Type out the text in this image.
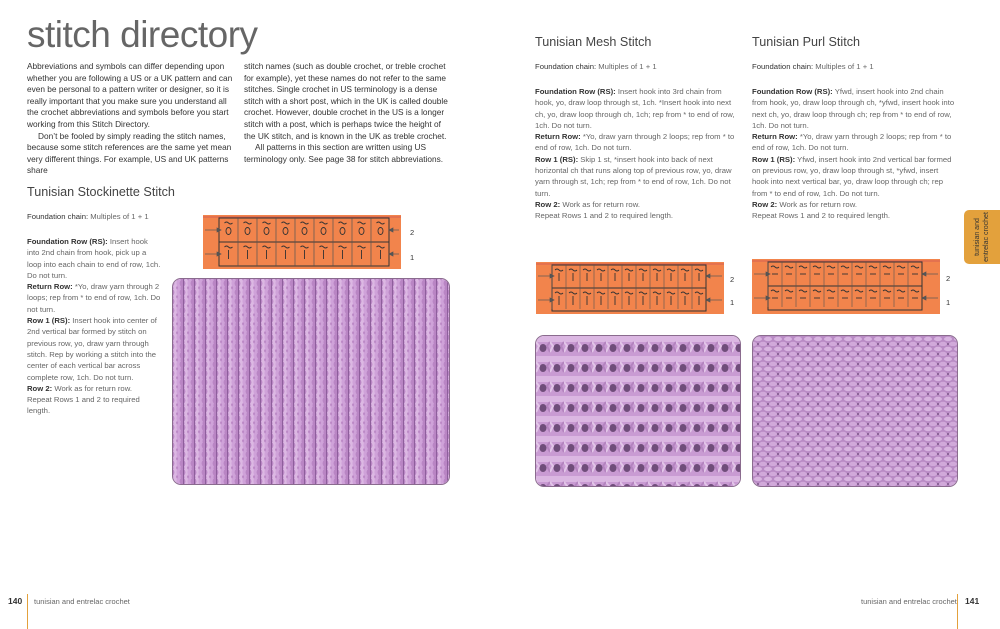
stitch directory

Abbreviations and symbols can differ depending upon whether you are following a US or a UK pattern and can even be personal to a pattern writer or designer, so it is really important that you make sure you understand all the crochet abbreviations and symbols before you start working from this Stitch Directory.

Don’t be fooled by simply reading the stitch names, because some stitch references are the same yet mean very different things. For example, US and UK patterns share

stitch names (such as double crochet, or treble crochet for example), yet these names do not refer to the same stitches. Single crochet in US terminology is a dense stitch with a short post, which in the UK is called double crochet. However, double crochet in the US is a longer stitch with a post, which is perhaps twice the height of the UK stitch, and is known in the UK as treble crochet.

All patterns in this section are written using US terminology only. See page 38 for stitch abbreviations.

Tunisian Stockinette Stitch
Foundation chain: Multiples of 1 + 1

Foundation Row (RS): Insert hook into 2nd chain from hook, pick up a loop into each chain to end of row, 1ch. Do not turn.

Return Row: *Yo, draw yarn through 2 loops; rep from * to end of row, 1ch. Do not turn.

Row 1 (RS): Insert hook into center of 2nd vertical bar formed by stitch on previous row, yo, draw yarn through stitch. Rep by working a stitch into the center of each vertical bar across complete row, 1ch. Do not turn.

Row 2: Work as for return row.

Repeat Rows 1 and 2 to required length.

2
1
Tunisian Mesh Stitch
Foundation chain: Multiples of 1 + 1

Foundation Row (RS): Insert hook into 3rd chain from hook, yo, draw loop through st, 1ch. *Insert hook into next ch, yo, draw loop through ch, 1ch; rep from * to end of row, 1ch. Do not turn.

Return Row: *Yo, draw yarn through 2 loops; rep from * to end of row, 1ch. Do not turn.

Row 1 (RS): Skip 1 st, *insert hook into back of next horizontal ch that runs along top of previous row, yo, draw yarn through st, 1ch; rep from * to end of row, 1ch. Do not turn.

Row 2: Work as for return row.

Repeat Rows 1 and 2 to required length.

2
1
Tunisian Purl Stitch
Foundation chain: Multiples of 1 + 1

Foundation Row (RS): Yfwd, insert hook into 2nd chain from hook, yo, draw loop through ch, *yfwd, insert hook into next ch, yo, draw loop through ch; rep from * to end of row, 1ch. Do not turn.

Return Row: *Yo, draw yarn through 2 loops; rep from * to end of row, 1ch. Do not turn.

Row 1 (RS): Yfwd, insert hook into 2nd vertical bar formed on previous row, yo, draw loop through st, *yfwd, insert hook into next vertical bar, yo, draw loop through ch; rep from * to end of row, 1ch. Do not turn.

Row 2: Work as for return row.

Repeat Rows 1 and 2 to required length.

2
1
tunisian and entrelac crochet
140 tunisian and entrelac crochet	tunisian and entrelac crochet 141
